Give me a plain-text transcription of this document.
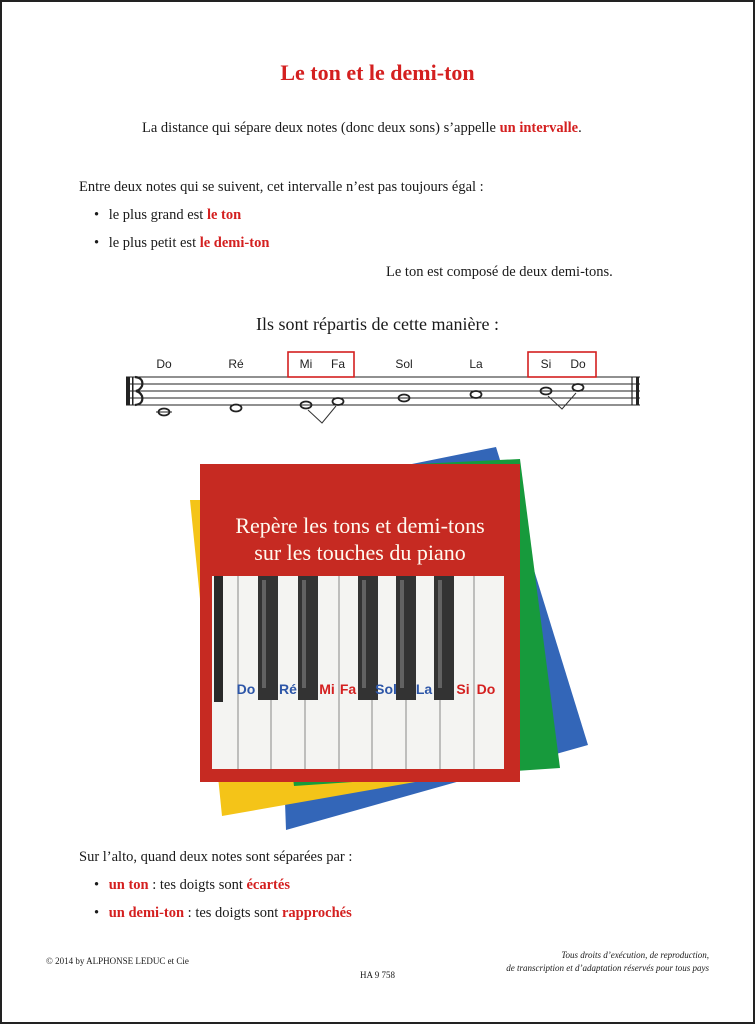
Le ton et le demi-ton
La distance qui sépare deux notes (donc deux sons) s’appelle un intervalle.
Entre deux notes qui se suivent, cet intervalle n’est pas toujours égal :
• le plus grand est le ton
• le plus petit est le demi-ton
Le ton est composé de deux demi-tons.
Ils sont répartis de cette manière :
Do	Ré	Mi Fa	Sol	La	Si Do
Repère les tons et demi-tons
sur les touches du piano
Do Ré Mi Fa Sol La Si Do
Sur l’alto, quand deux notes sont séparées par :
• un ton : tes doigts sont écartés
• un demi-ton : tes doigts sont rapprochés
© 2014 by ALPHONSE LEDUC et Cie
HA 9 758
Tous droits d’exécution, de reproduction,
de transcription et d’adaptation réservés pour tous pays
